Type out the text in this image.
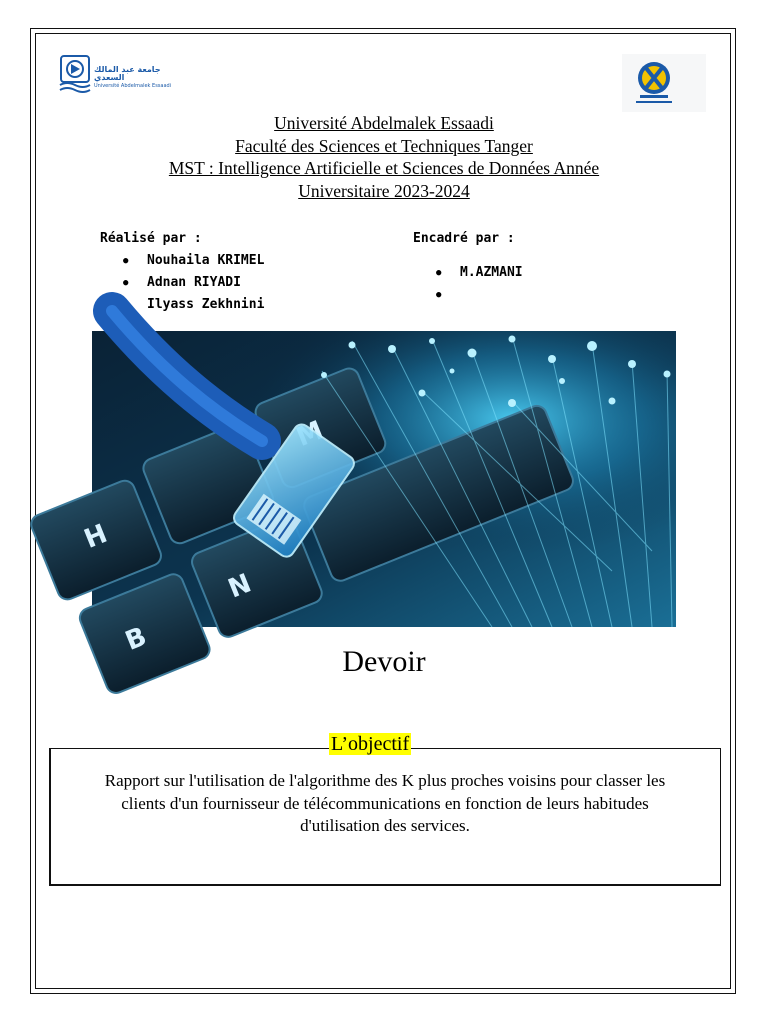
جامعة عبد المالك السعدي
Université Abdelmalek Essaadi
Université Abdelmalek Essaadi
Faculté des Sciences et Techniques Tanger
MST : Intelligence Artificielle et Sciences de Données Année
Universitaire 2023-2024
Réalisé par :
● Nouhaila KRIMEL
● Adnan RIYADI
● Ilyass Zekhnini
Encadré par :
● M.AZMANI
●
H
N
B
Devoir
L’objectif
Rapport sur l'utilisation de l'algorithme des K plus proches voisins pour classer les clients d'un fournisseur de télécommunications en fonction de leurs habitudes d'utilisation des services.
